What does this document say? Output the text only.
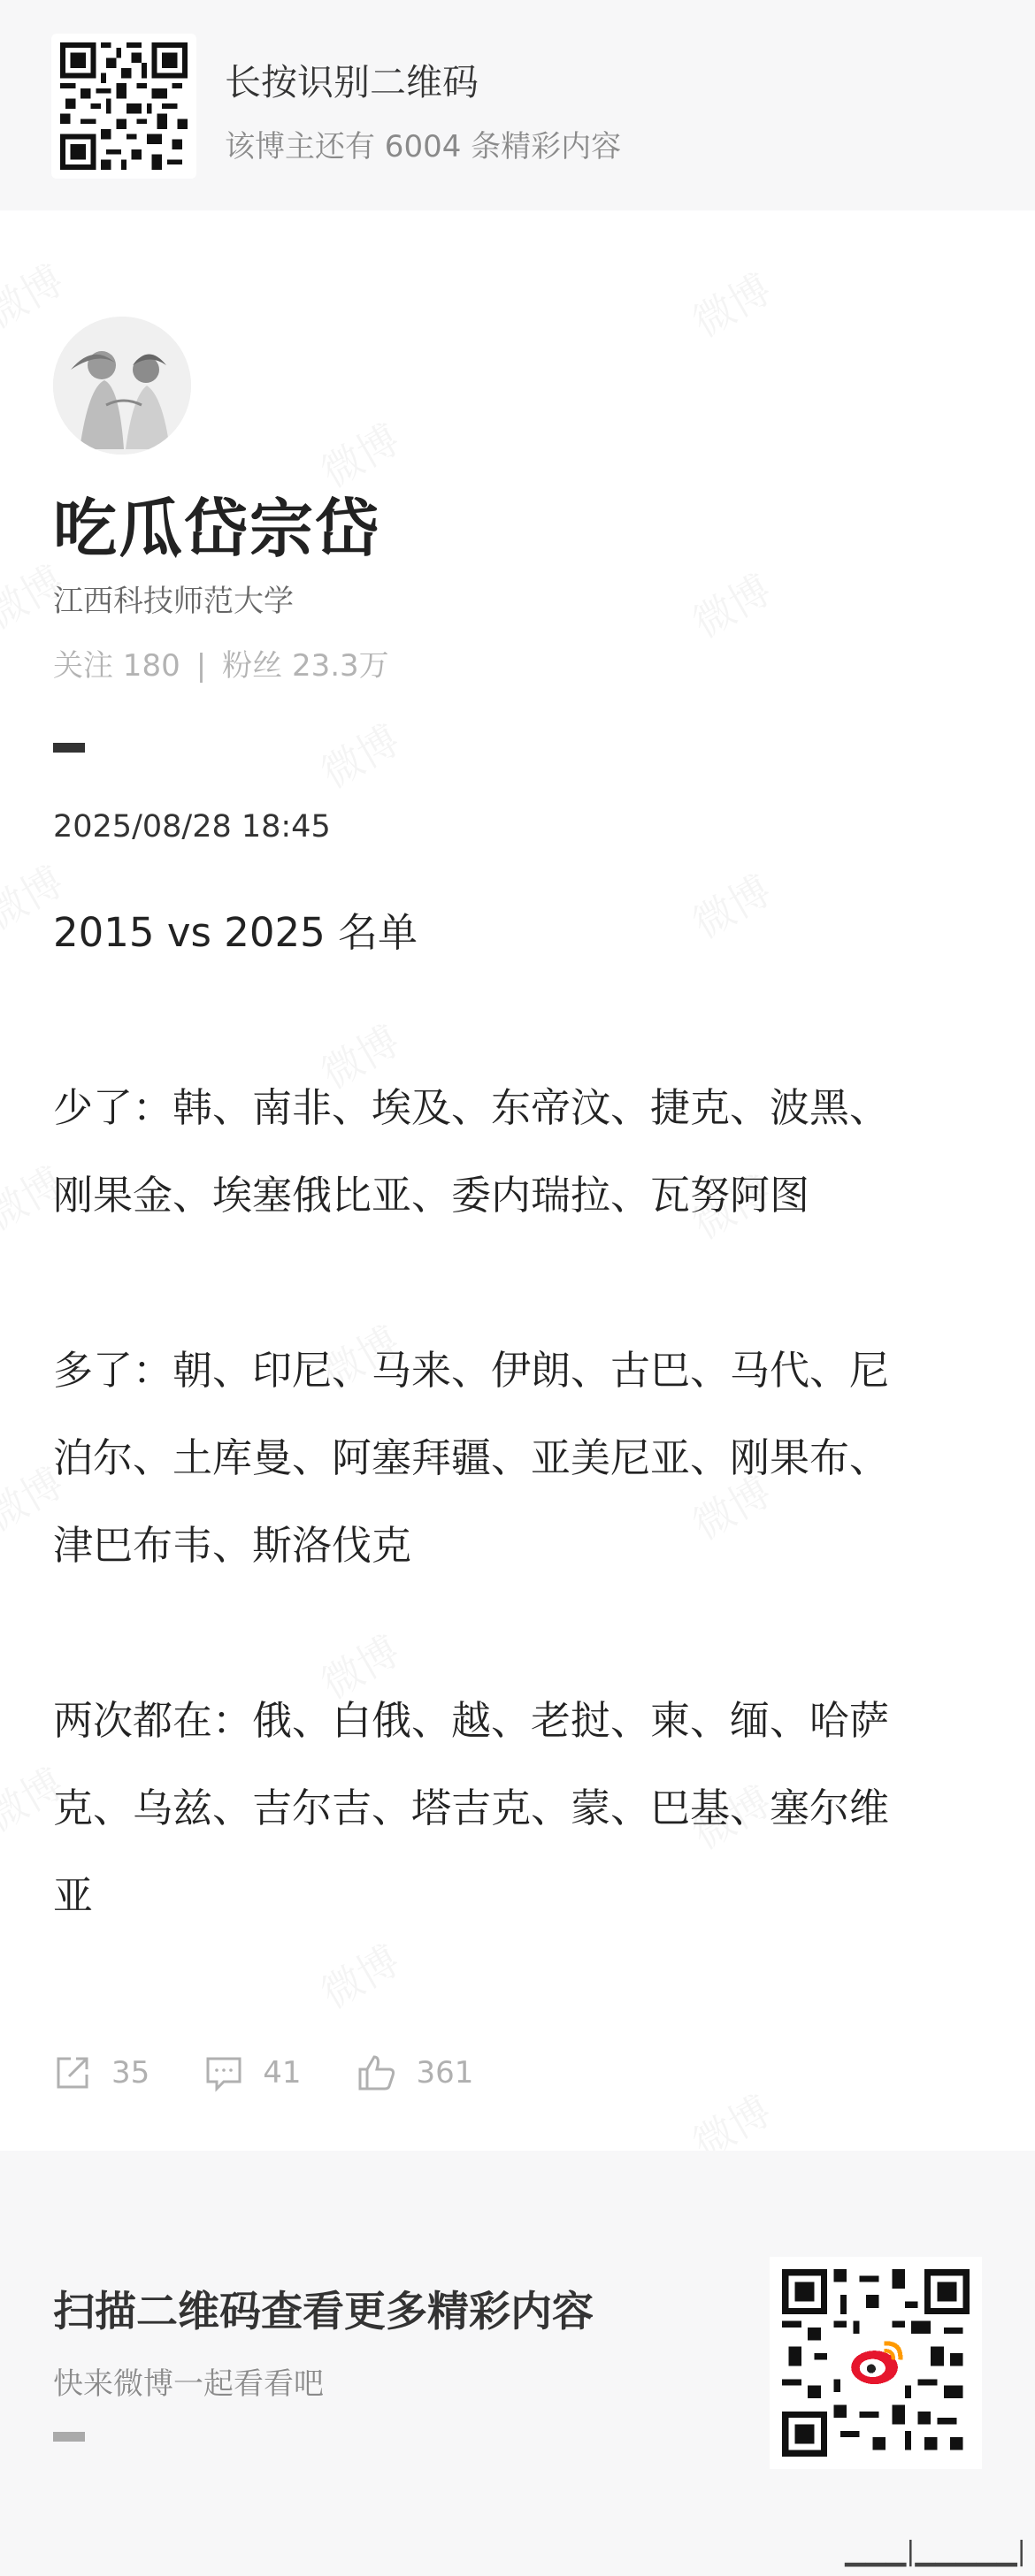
长按识别二维码
该博主还有 6004 条精彩内容
吃瓜岱宗岱
江西科技师范大学
关注 180 | 粉丝 23.3万
2025/08/28 18:45

2015 vs 2025 名单

少了：韩、南非、埃及、东帝汶、捷克、波黑、

刚果金、埃塞俄比亚、委内瑞拉、瓦努阿图

多了：朝、印尼、马来、伊朗、古巴、马代、尼

泊尔、土库曼、阿塞拜疆、亚美尼亚、刚果布、

津巴布韦、斯洛伐克

两次都在：俄、白俄、越、老挝、柬、缅、哈萨

克、乌兹、吉尔吉、塔吉克、蒙、巴基、塞尔维

亚

35	41	361
扫描二维码查看更多精彩内容
快来微博一起看看吧
▁▁▁|▁▁▁▁▁|
